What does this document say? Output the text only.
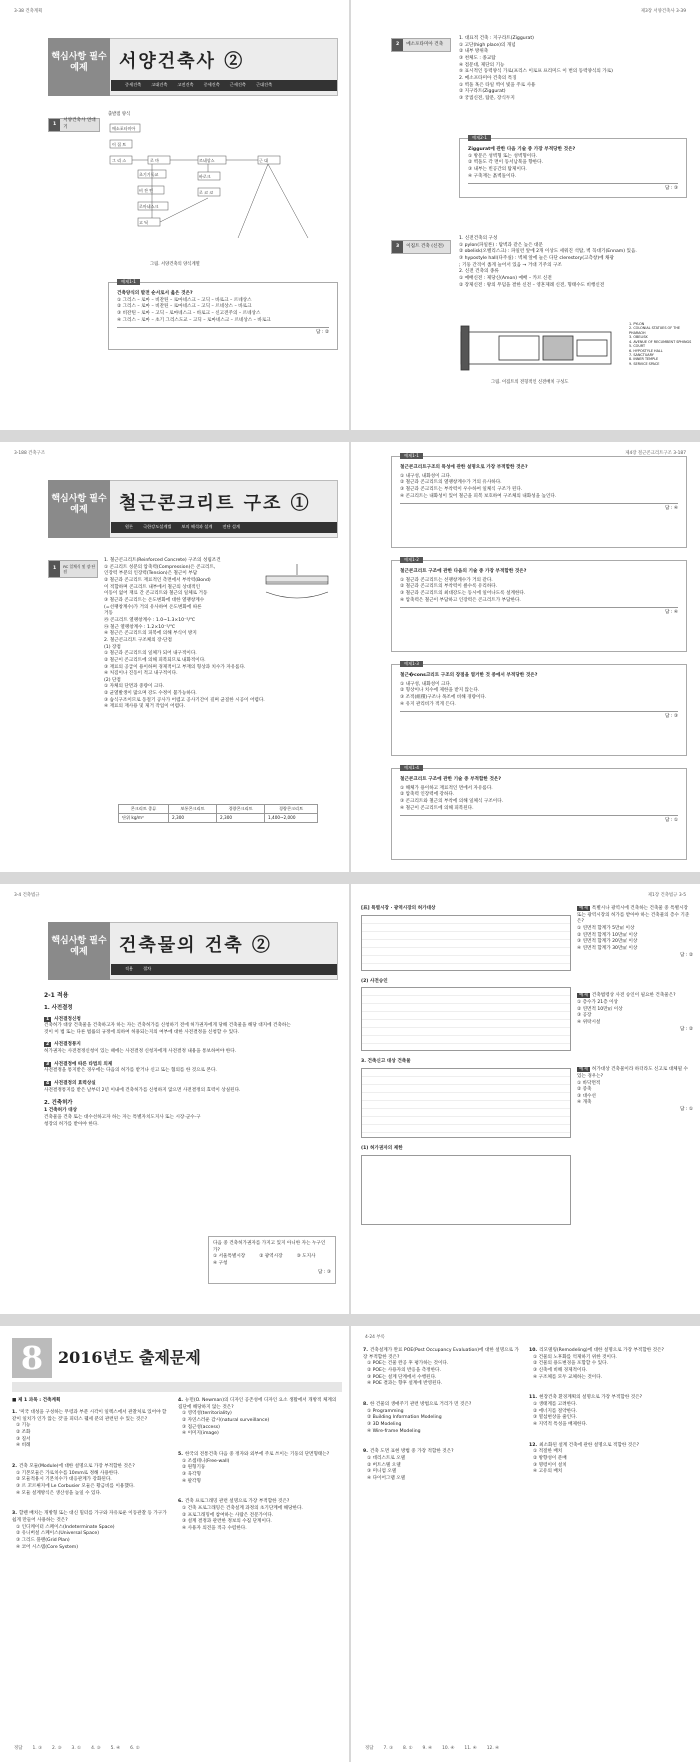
3-38 건축계획
서양건축사 ②
중세건축 고대건축 고전건축 중세건축 근세건축 근대건축
핵심사항 필수예제
1
서양건축사 연대기
출발점 양식
메소포타미아
이 집 트
그 리 스	로 마
초기기독교
비 잔 틴
로마네스크
고 딕
르네상스
바로크
로 코 코
근 대
그림. 서양건축의 양식계열
예제1-1
건축양식의 발전 순서로서 옳은 것은?
① 그리스 – 로마 – 비잔틴 – 로마네스크 – 고딕 – 바로크 – 르네상스
② 그리스 – 로마 – 비잔틴 – 로마네스크 – 고딕 – 르네상스 – 바로크
③ 비잔틴 – 로마 – 고딕 – 로마네스크 – 바로크 – 신고전주의 – 르네상스
④ 그리스 – 로마 – 초기 그리스도교 – 고딕 – 로마네스크 – 르네상스 – 바로크
답 : ②
제3장 서양건축사 3-39
2	메소포타미아 건축
1. 대표적 건축 : 지구라트(Ziggurat)
① 고단(high place)의 개념
② 내부 방위축
③ 천체도 : 종교탑
④ 점문대, 제단의 기능
⑤ 표시적인 동력양식 가로(프리스 이로프 프리미드 이 번의 동력양식의 가로)
2. 메소포타미아 건축의 특징
① 벽돌 혹은 타일 벽이 빛을 주로 사용
② 지구라트(Ziggurat)
③ 궁궐신전, 탑문, 장식두지
예제2-1
Ziggurat에 관한 다음 기술 중 가장 부적당한 것은?
① 방문은 성벽형 또는 성벽형이다.
② 벽돌도 각 면이 동서남북을 향한다.
③ 내부는 빈공간의 탑제이다.
④ 구축재는 흙벽돌이다.
답 : ③
3	이집트 건축 (신전)
1. 신전건축의 구성
① pylon(파일론) : 탑벽과 같은 높은 대문
② obelisk(오벨리스크) : 파일런 앞에 2개 이상도 세워진 석탑, 벽 꼭대기(Ennam) 있음.
③ hypostyle hall(다주실) : 벽체 앞에 늘은 다단 clerestory(고측창)에 채광
; 기둥 간격이 좁게 늘어서 있음 → 거대 기주의 구조
2. 신전 건축의 종류
① 예배신전 : 제당신(Amon) 예배 – 카르 신전
② 장제신전 : 왕의 무덤을 결한 신전 – 영혼제례 신전, 형태수도 비행신전
1. PYLON
2. COLONIAL STATUES OF THE PHARAOH
3. OBELISK
4. AVENUE OF RECUMBENT SPHINGS
5. COURT
6. HYPOSTYLE HALL
7. SANCTUARY
8. INNER TEMPLE
9. SERVICE SPACE
그림. 이집트의 전형적인 신전배치 구성도
3-188 건축구조
철근콘크리트 구조 ①
원론 극한강도설계법 보의 해석과 설계 전단 설계
핵심사항 필수예제
1	RC 일체식 및 장·단점
1. 철근콘크리트(Reinforced Concrete) 구조의 성립조건
① 콘크리트 성분의 압축력(Compression)은 콘크리트,
인장력 부분의 인장력(Tension)은 철근이 부담
② 철근과 콘크리트 재료적인 측면에서 부착력(Bond)
이 적합하며 콘크리트 내부에서 철근의 상대적인
이동이 없어 재료 간 콘크리트와 철근의 일체로 거동
③ 철근과 콘크리트는 온도변화에 대한 열팽창계수
(=선팽창계수)가 거의 유사하여 온도변화에 따른
거동
㉮ 콘크리트 열팽창계수 : 1.0~1.3×10⁻⁵/℃
㉯ 철근 열팽창계수 : 1.2×10⁻⁵/℃
④ 철근은 콘크리트의 피복에 의해 부식이 방지
2. 철근콘크리트 구조체의 장·단점
(1) 장점
① 철근과 콘크리트의 일체가 되어 내구적이다.
② 철근이 콘크리트에 의해 피복되므로 내화적이다.
③ 재료의 공급이 용이하며 경제적이고 부재의 형상과 치수가 자유롭다.
④ 처짐이나 진동이 적고 내구적이다.
(2) 단점
① 자체의 단면과 중량이 크다.
② 균열발생이 많으며 강도 수정이 불가능하다.
③ 습식구조이므로 동절기 공사가 어렵고 공사기간이 길며 균질한 시공이 어렵다.
④ 재료의 재사용 및 제거 작업이 어렵다.
콘크리트 종류	보통콘크리트	경량콘크리트	경량콘크리트
단위 kg/m³	2,300	2,300	1,400~2,000
제4장 철근콘크리트구조 3-187
예제1-1
철근콘크리트구조의 특성에 관한 설명으로 가장 부적합한 것은?
① 내구성, 내화성이 크다.
② 철근과 콘크리트의 열팽창계수가 거의 유사하다.
③ 철근과 콘크리트는 부착력이 우수하여 일체식 구조가 된다.
④ 콘크리트는 내화성이 있어 철근을 피복 보호하여 구조체의 내화성을 높인다.
답 : ④
예제1-2
철근콘크리트 구조에 관한 다음의 기술 중 가장 부적합한 것은?
① 철근과 콘크리트는 선팽창계수가 거의 같다.
② 철근과 콘크리트의 부착력이 클수록 유리하다.
③ 철근과 콘크리트의 최대강도는 동시에 일어나도록 설계한다.
④ 압축력은 철근이 부담하고 인장력은 콘크리트가 부담한다.
답 : ④
예제1-3
철근�cons크리트 구조의 장점을 열거한 것 중에서 부적당한 것은?
① 내구성, 내화성이 크다.
② 형상이나 치수에 제한을 받지 않는다.
③ 조적(組積)구조나 목조에 비해 경량이다.
④ 유지 관리비가 적게 든다.
답 : ③
예제1-4
철근콘크리트 구조에 관한 기술 중 부적합한 것은?
① 해체가 용이하고 재료적인 면에서 자유롭다.
② 압축력 인장력에 강하다.
③ 콘크리트와 철근의 부착에 의해 일체식 구조이다.
④ 철근이 콘크리트에 의해 피복된다.
답 : ①
3-4 건축법규
건축물의 건축 ②
적용 절차
핵심사항 필수예제
2-1 적용
1. 사전결정
1 사전결정신청
건축허가 대상 건축물을 건축하고자 하는 자는 건축허가를 신청하기 전에 허가권자에게 당해 건축물을 해당 대지에 건축하는 것이 이 법 또는 다른 법률의 규정에 의하여 허용되는지의 여부에 대한 사전결정을 신청할 수 있다.
2 사전결정통지
허가권자는 사전결정신청이 있는 때에는 사전결정 신청자에게 사전결정 내용을 통보하여야 한다.
3 사전결정에 따른 타법의 의제
사전결정을 통지받은 경우에는 다음의 허가를 받거나 신고 또는 협의를 한 것으로 본다.
4 사전결정의 효력상실
사전결정통지를 받은 날부터 2년 이내에 건축허가를 신청하지 않으면 사전결정의 효력이 상실된다.
2. 건축허가
1 건축허가 대상
건축물을 건축 또는 대수선하고자 하는 자는 특별자치도지사 또는 시장·군수·구청장의 허가를 받아야 한다.
다음 중 건축허가권자를 가지고 있지 아니한 자는 누구인가?
① 서울특별시장	② 광역시장	③ 도지사
④ 구청
답 : ③
제1장 건축법규 3-5
[표] 특별시장 · 광역시장의 허가대상
(2) 사전승인
3. 건축신고 대상 건축물
(1) 허가권자의 제한
예제 특별시나 광역시에 건축하는 건축물 중 특별시장 또는 광역시장의 허가를 받아야 하는 건축물의 층수 기준은?
① 연면적 합계가 5만㎡ 이상
② 연면적 합계가 10만㎡ 이상
③ 연면적 합계가 20만㎡ 이상
④ 연면적 합계가 30만㎡ 이상
답 : ②
예제 건축법령상 사전 승인이 필요한 건축물은?
① 층수가 21층 이상
② 연면적 10만㎡ 이상
③ 공장
④ 위락시설
답 : ②
예제 허가대상 건축물이라 하더라도 신고로 대체될 수 있는 경우는?
① 바닥면적
② 증축
③ 대수선
④ 개축
답 : ①
8 2016년도 출제문제
■ 제 1 과목 : 건축계획
1. '미국 대성을 구성하는 무령과 부분 시각이 일렉스에서 관찰처로 있어야 할 같이 일치가 인가 않는 것'을 피터스 웰세 분의 관련된 수 있는 것은?
① 기능
② 조화
③ 질서
④ 비례
2. 건축 모듈(Module)에 대한 설명으로 가장 부적합한 것은?
① 기본모듈은 가로치수를 10mm로 정해 사용한다.
② 모듈적용시 기본치수가 대응관계가 강화된다.
③ 르 꼬르뷔지에 Le Corbusier 모듈은 황금비를 이용했다.
④ 모듈 설계방식은 생산성을 높일 수 있다.
3. 할렌 배치는 개방형 또는 대신 밀터를 가구와 자유로운 이동관찰 등 가구가 쉽게 만들어 사용하는 것은?
① 인디케이터 스페이스(Indeterminate Space)
② 유니버설 스페이스(Universal Space)
③ 그리드 플랜(Grid Plan)
④ 코어 시스템(Core System)
4. 뉴먼(O. Newman)의 디자인 공존성에 디자인 요소 생활에서 개방적 체계의 집단에 해당하지 않는 것은?
① 영역성(territoriality)
② 자연스러운 감시(natural surveillance)
③ 접근성(access)
④ 이미지(image)
5. 한국의 전통건축 다음 중 정자와 외부에 주로 쓰이는 기둥의 단면형태는?
① 조셉테니(Free-wall)
② 원형기둥
③ 육각형
④ 팔각형
6. 건축 프로그래밍 관련 설명으로 가장 부적합한 것은?
① 건축 프로그래밍은 건축설계 과정의 초기단계에 해당한다.
② 프로그래밍에 참여하는 사람은 전문가이다.
③ 설계 결정과 관련한 정보의 수집 단계이다.
④ 사용자 의견을 적극 수렴한다.
정답 1. ③ 2. ③ 3. ① 4. ③ 5. ④ 6. ②
4-24 부록
7. 건축설계가 완료 POE(Post Occupancy Evaluation)에 대한 설명으로 가장 부적합한 것은?
① POE는 건물 완공 후 평가하는 것이다.
② POE는 사용자의 반응을 측정한다.
③ POE는 설계 단계에서 수행된다.
④ POE 결과는 향후 설계에 반영된다.
8. 한 건물의 생애주기 관련 방법으로 거리가 먼 것은?
① Programming
② Building Information Modeling
③ 3D Modeling
④ Wire-frame Modeling
9. 건축 도면 표현 방법 중 가장 적합한 것은?
① 데리스트로 오델
② 버트스텔 오델
③ 미니엄 오델
④ 다이어그램 오델
10. 리모델링(Remodeling)에 대한 설명으로 가장 부적합한 것은?
① 건물의 노후화를 억제하기 위한 것이다.
② 건물의 용도변경을 포함할 수 있다.
③ 신축에 비해 경제적이다.
④ 구조체를 모두 교체하는 것이다.
11. 현장건축 환경계획의 설명으로 가장 부적합한 것은?
① 생태계를 고려한다.
② 에너지를 절약한다.
③ 열섬현상을 줄인다.
④ 지역적 특성을 배제한다.
12. 최소화된 설계 건축에 관한 설명으로 적합한 것은?
① 적절한 배치
② 방향성이 분배
③ 명령이이 설치
④ 고유의 배치
정답 7. ③ 8. ① 9. ④ 10. ④ 11. ④ 12. ④
